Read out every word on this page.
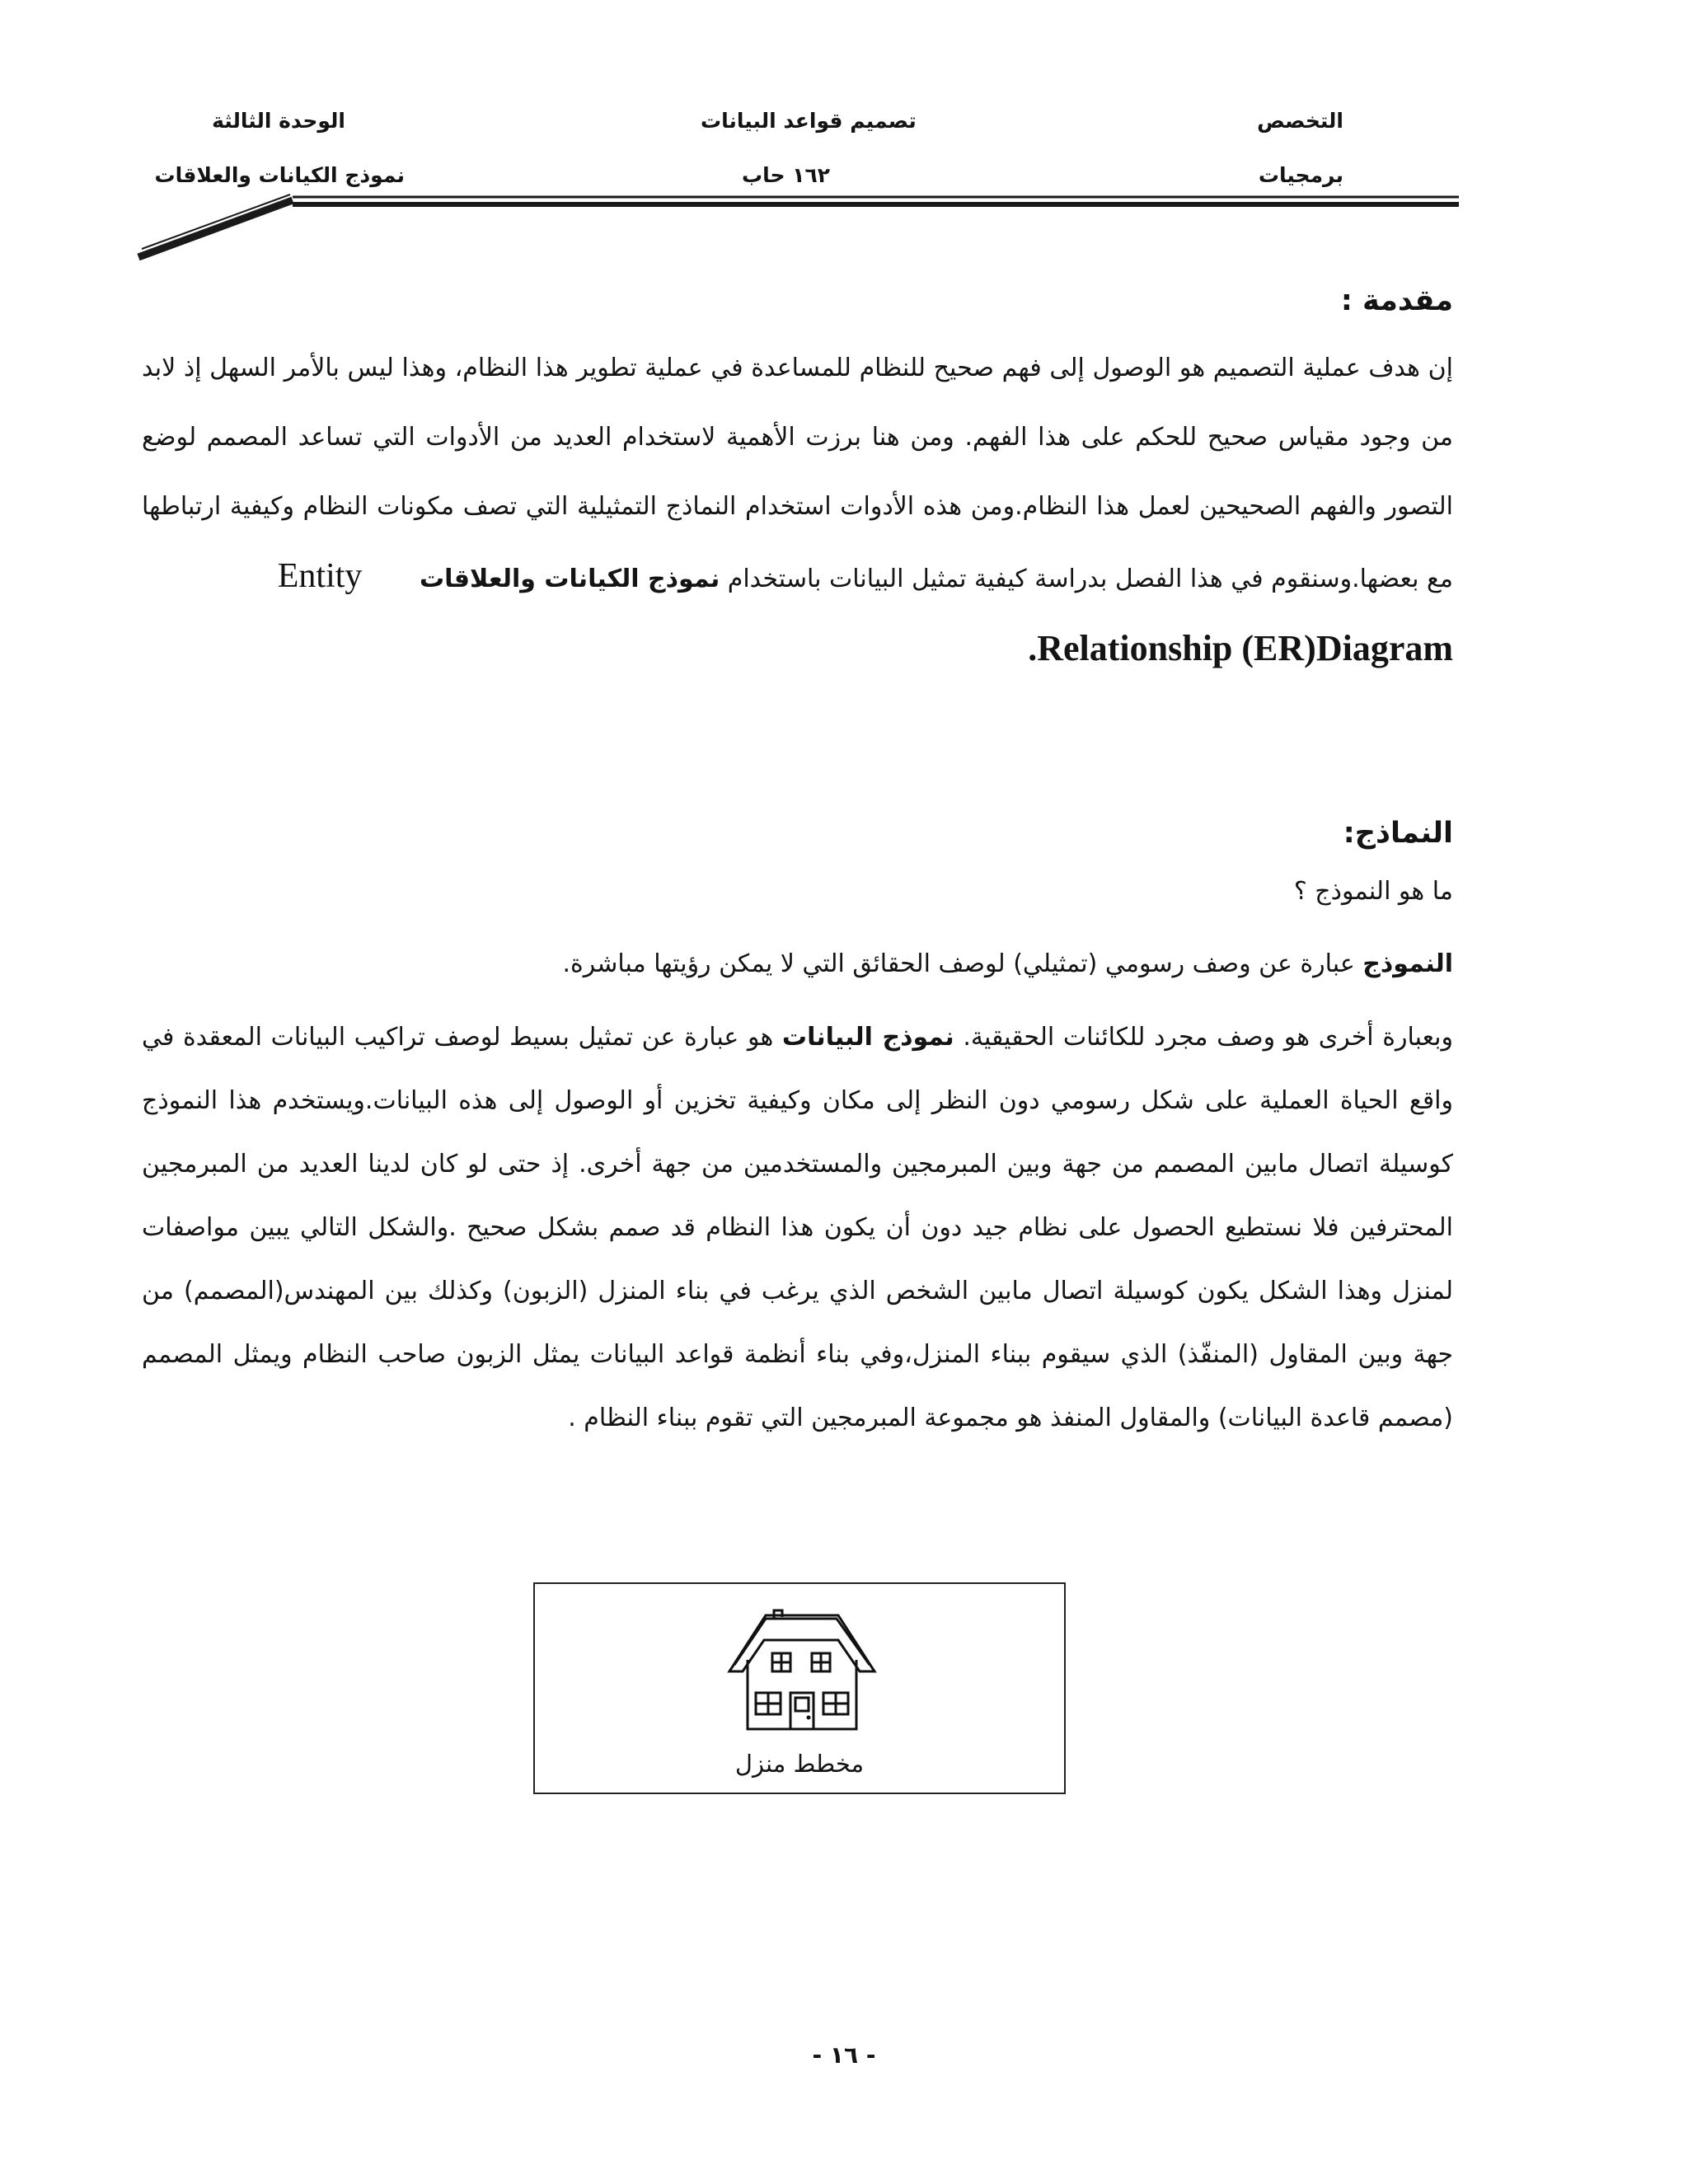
التخصص
برمجيات
تصميم قواعد البيانات
١٦٢ حاب
الوحدة الثالثة
نموذج الكيانات والعلاقات
مقدمة :
إن هدف عملية التصميم هو الوصول إلى فهم صحيح للنظام للمساعدة في عملية تطوير هذا النظام، وهذا ليس بالأمر السهل إذ لابد من وجود مقياس صحيح للحكم على هذا الفهم. ومن هنا برزت الأهمية لاستخدام العديد من الأدوات التي تساعد المصمم لوضع التصور والفهم الصحيحين لعمل هذا النظام.ومن هذه الأدوات استخدام النماذج التمثيلية التي تصف مكونات النظام وكيفية ارتباطها مع بعضها.وسنقوم في هذا الفصل بدراسة كيفية تمثيل البيانات باستخدام نموذج الكيانات والعلاقات Entity
.Relationship (ER)Diagram
النماذج:
ما هو النموذج ؟
النموذج عبارة عن وصف رسومي (تمثيلي) لوصف الحقائق التي لا يمكن رؤيتها مباشرة.
وبعبارة أخرى هو وصف مجرد للكائنات الحقيقية. نموذج البيانات هو عبارة عن تمثيل بسيط لوصف تراكيب البيانات المعقدة في واقع الحياة العملية على شكل رسومي دون النظر إلى مكان وكيفية تخزين أو الوصول إلى هذه البيانات.ويستخدم هذا النموذج كوسيلة اتصال مابين المصمم من جهة وبين المبرمجين والمستخدمين من جهة أخرى. إذ حتى لو كان لدينا العديد من المبرمجين المحترفين فلا نستطيع الحصول على نظام جيد دون أن يكون هذا النظام قد صمم بشكل صحيح .والشكل التالي يبين مواصفات لمنزل وهذا الشكل يكون كوسيلة اتصال مابين الشخص الذي يرغب في بناء المنزل (الزبون) وكذلك بين المهندس(المصمم) من جهة وبين المقاول (المنفّذ) الذي سيقوم ببناء المنزل،وفي بناء أنظمة قواعد البيانات يمثل الزبون صاحب النظام ويمثل المصمم (مصمم قاعدة البيانات) والمقاول المنفذ هو مجموعة المبرمجين التي تقوم ببناء النظام .
مخطط منزل
- ١٦ -
